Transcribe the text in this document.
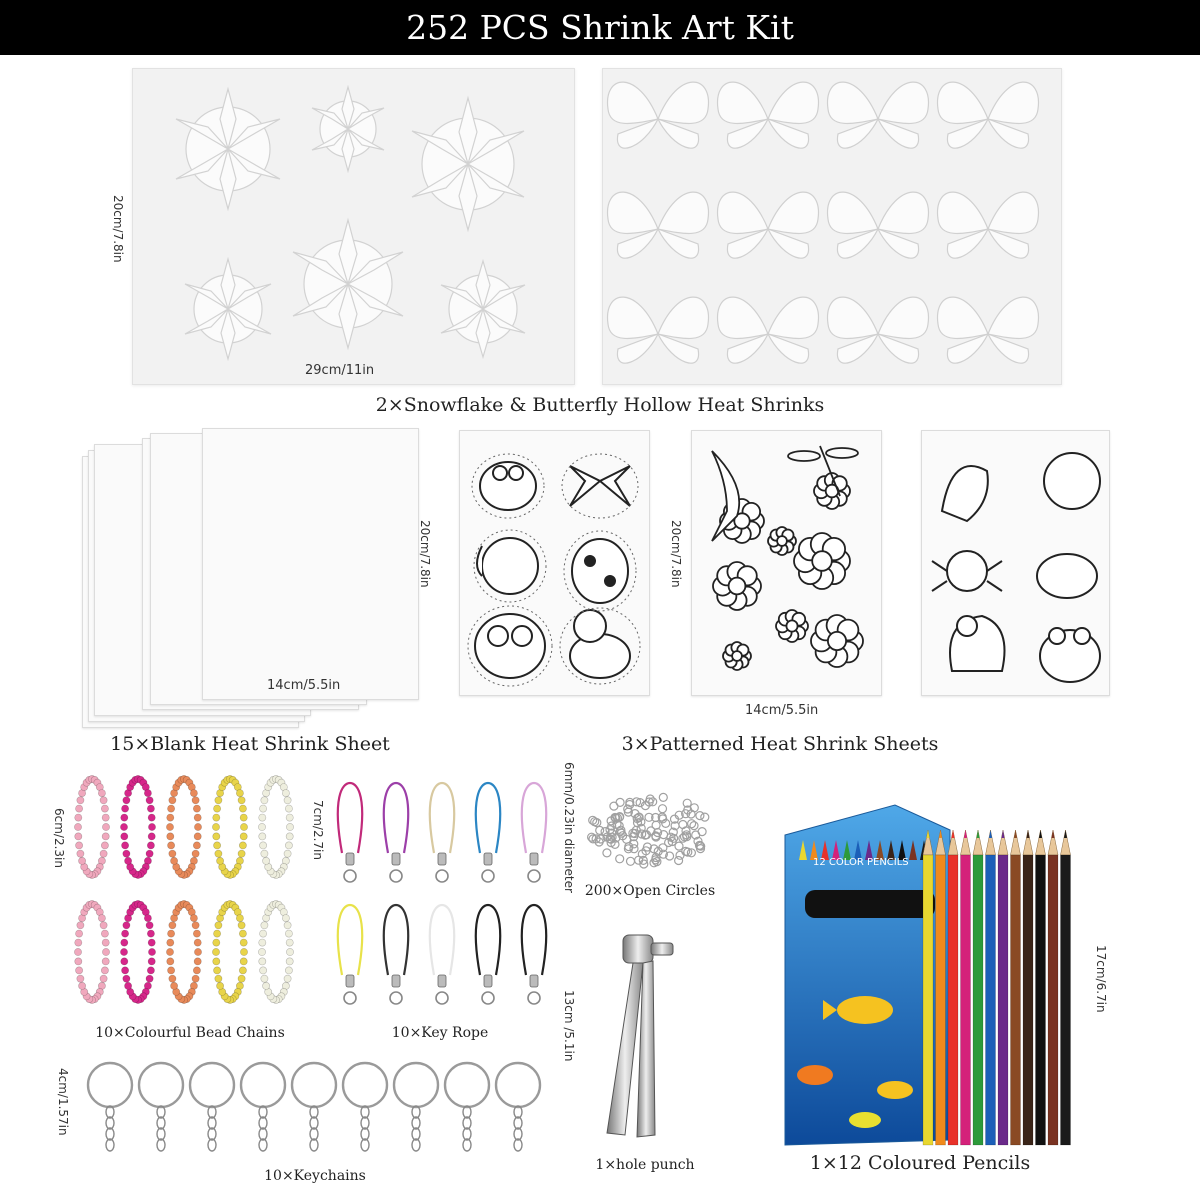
252 PCS Shrink Art Kit
20cm/7.8in
29cm/11in
2×Snowflake & Butterfly Hollow Heat Shrinks
20cm/7.8in
14cm/5.5in
15×Blank Heat Shrink Sheet
20cm/7.8in
14cm/5.5in
3×Patterned Heat Shrink Sheets
6cm/2.3in
10×Colourful Bead Chains
7cm/2.7in
10×Key Rope
4cm/1.57in
10×Keychains
6mm/0.23in diameter 200×Open Circles
13cm /5.1in
1×hole punch
12 COLOR PENCILS
17cm/6.7in
1×12 Coloured Pencils
